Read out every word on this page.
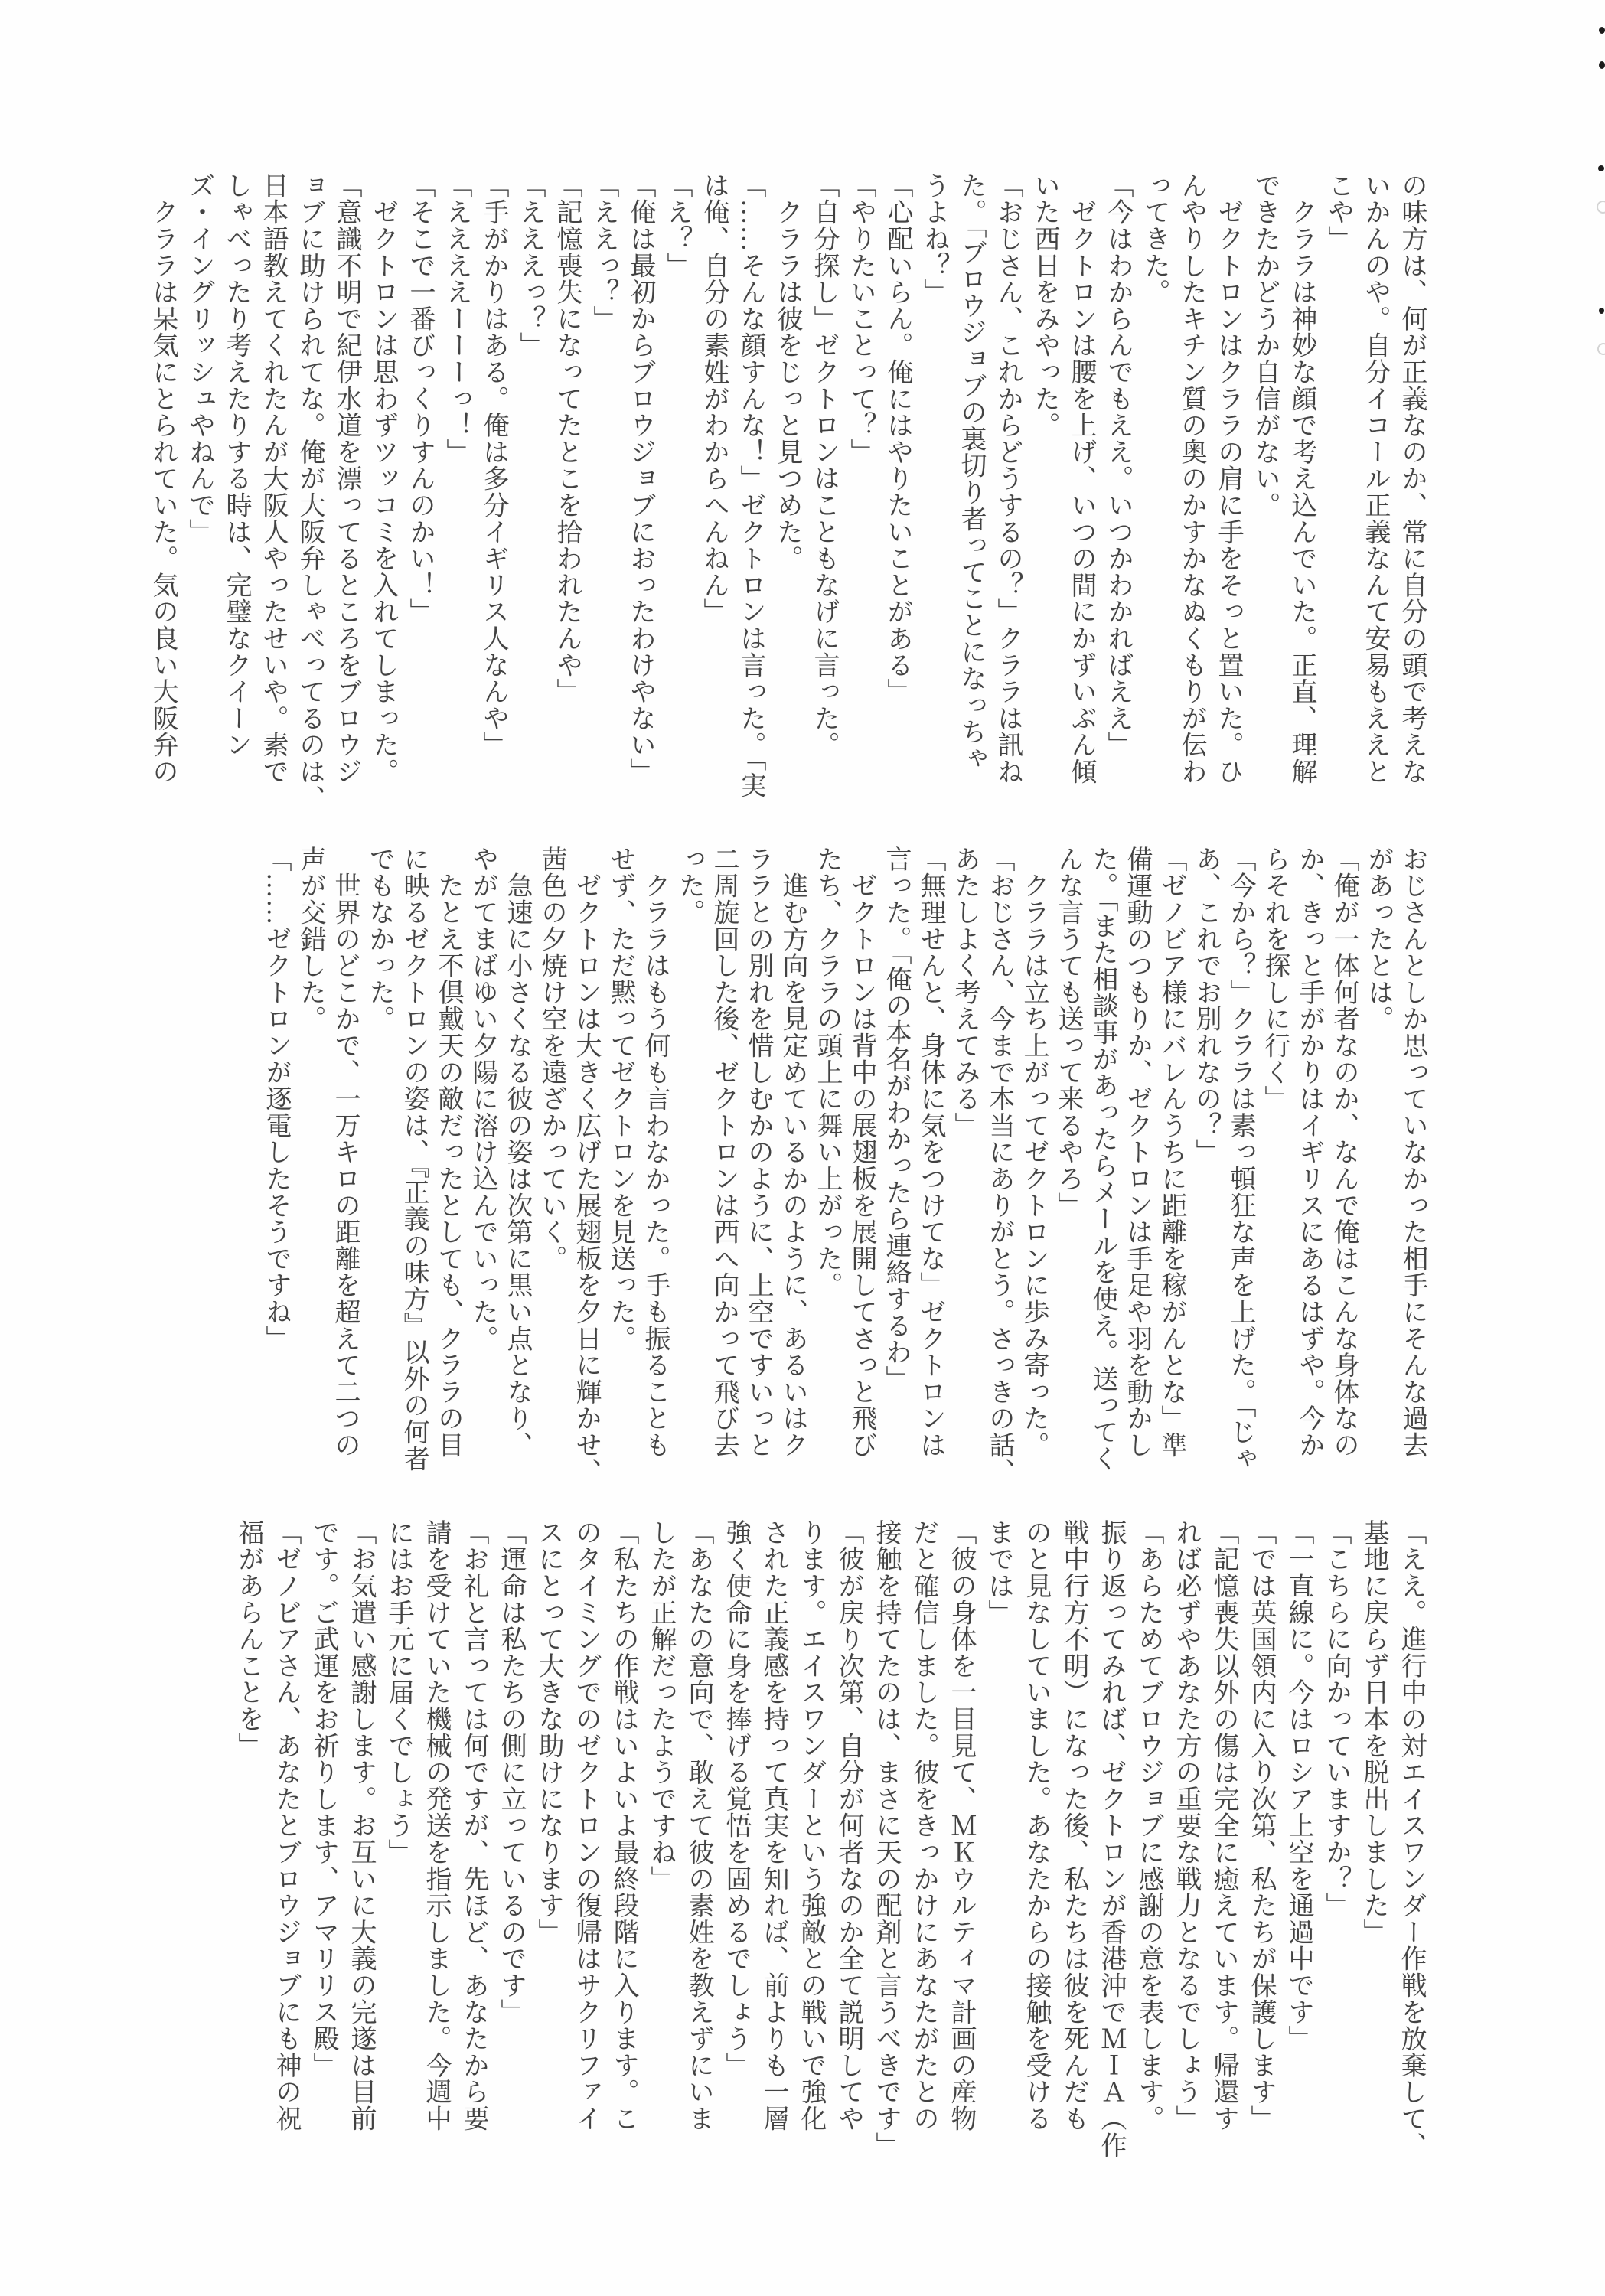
の味方は、何が正義なのか、常に自分の頭で考えな
いかんのや。自分イコール正義なんて安易もええと
こや」
　クララは神妙な顔で考え込んでいた。正直、理解
できたかどうか自信がない。
　ゼクトロンはクララの肩に手をそっと置いた。ひ
んやりしたキチン質の奥のかすかなぬくもりが伝わ
ってきた。
「今はわからんでもええ。いつかわかればええ」
　ゼクトロンは腰を上げ、いつの間にかずいぶん傾
いた西日をみやった。
「おじさん、これからどうするの？」クララは訊ね
た。「ブロウジョブの裏切り者ってことになっちゃ
うよね？」
「心配いらん。俺にはやりたいことがある」
「やりたいことって？」
「自分探し」ゼクトロンはこともなげに言った。
　クララは彼をじっと見つめた。
「……そんな顔すんな！」ゼクトロンは言った。「実
は俺、自分の素姓がわからへんねん」
「え？」
「俺は最初からブロウジョブにおったわけやない」
「ええっ？」
「記憶喪失になってたとこを拾われたんや」
「えええっ？」
「手がかりはある。俺は多分イギリス人なんや」
「ええええーーーっ！」
「そこで一番びっくりすんのかい！」
　ゼクトロンは思わずツッコミを入れてしまった。
「意識不明で紀伊水道を漂ってるところをブロウジ
ョブに助けられてな。俺が大阪弁しゃべってるのは、
日本語教えてくれたんが大阪人やったせいや。素で
しゃべったり考えたりする時は、完璧なクイーン
ズ・イングリッシュやねんで」
　クララは呆気にとられていた。気の良い大阪弁の
おじさんとしか思っていなかった相手にそんな過去
があったとは。
「俺が一体何者なのか、なんで俺はこんな身体なの
か、きっと手がかりはイギリスにあるはずや。今か
らそれを探しに行く」
「今から？」クララは素っ頓狂な声を上げた。「じゃ
あ、これでお別れなの？」
「ゼノビア様にバレんうちに距離を稼がんとな」準
備運動のつもりか、ゼクトロンは手足や羽を動かし
た。「また相談事があったらメールを使え。送ってく
んな言うても送って来るやろ」
　クララは立ち上がってゼクトロンに歩み寄った。
「おじさん、今まで本当にありがとう。さっきの話、
あたしよく考えてみる」
「無理せんと、身体に気をつけてな」ゼクトロンは
言った。「俺の本名がわかったら連絡するわ」
　ゼクトロンは背中の展翅板を展開してさっと飛び
たち、クララの頭上に舞い上がった。
　進む方向を見定めているかのように、あるいはク
ララとの別れを惜しむかのように、上空ですいっと
二周旋回した後、ゼクトロンは西へ向かって飛び去
った。
　クララはもう何も言わなかった。手も振ることも
せず、ただ黙ってゼクトロンを見送った。
　ゼクトロンは大きく広げた展翅板を夕日に輝かせ、
茜色の夕焼け空を遠ざかっていく。
　急速に小さくなる彼の姿は次第に黒い点となり、
やがてまばゆい夕陽に溶け込んでいった。
　たとえ不倶戴天の敵だったとしても、クララの目
に映るゼクトロンの姿は、『正義の味方』以外の何者
でもなかった。
　世界のどこかで、一万キロの距離を超えて二つの
声が交錯した。
「……ゼクトロンが逐電したそうですね」
「ええ。進行中の対エイスワンダー作戦を放棄して、
基地に戻らず日本を脱出しました」
「こちらに向かっていますか？」
「一直線に。今はロシア上空を通過中です」
「では英国領内に入り次第、私たちが保護します」
「記憶喪失以外の傷は完全に癒えています。帰還す
れば必ずやあなた方の重要な戦力となるでしょう」
「あらためてブロウジョブに感謝の意を表します。
振り返ってみれば、ゼクトロンが香港沖でＭＩＡ（作
戦中行方不明）になった後、私たちは彼を死んだも
のと見なしていました。あなたからの接触を受ける
までは」
「彼の身体を一目見て、ＭＫウルティマ計画の産物
だと確信しました。彼をきっかけにあなたがたとの
接触を持てたのは、まさに天の配剤と言うべきです」
「彼が戻り次第、自分が何者なのか全て説明してや
ります。エイスワンダーという強敵との戦いで強化
された正義感を持って真実を知れば、前よりも一層
強く使命に身を捧げる覚悟を固めるでしょう」
「あなたの意向で、敢えて彼の素姓を教えずにいま
したが正解だったようですね」
「私たちの作戦はいよいよ最終段階に入ります。こ
のタイミングでのゼクトロンの復帰はサクリファイ
スにとって大きな助けになります」
「運命は私たちの側に立っているのです」
「お礼と言っては何ですが、先ほど、あなたから要
請を受けていた機械の発送を指示しました。今週中
にはお手元に届くでしょう」
「お気遣い感謝します。お互いに大義の完遂は目前
です。ご武運をお祈りします、アマリリス殿」
「ゼノビアさん、あなたとブロウジョブにも神の祝
福があらんことを」
